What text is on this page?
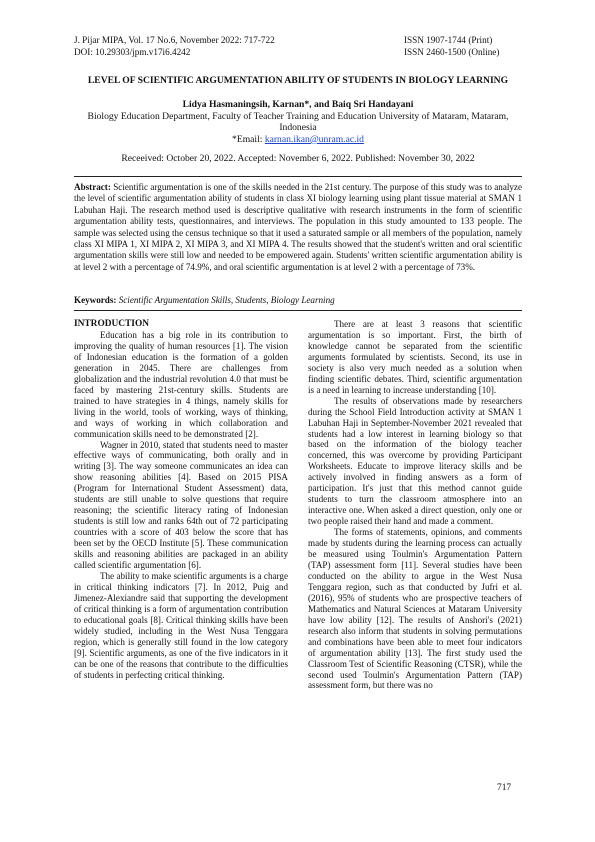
J. Pijar MIPA, Vol. 17 No.6, November 2022: 717-722	ISSN 1907-1744 (Print)
DOI: 10.29303/jpm.v17i6.4242	ISSN 2460-1500 (Online)
LEVEL OF SCIENTIFIC ARGUMENTATION ABILITY OF STUDENTS IN BIOLOGY LEARNING
Lidya Hasmaningsih, Karnan*, and Baiq Sri Handayani
Biology Education Department, Faculty of Teacher Training and Education University of Mataram, Mataram,
Indonesia
*Email: karnan.ikan@unram.ac.id
Receeived: October 20, 2022. Accepted: November 6, 2022. Published: November 30, 2022
Abstract: Scientific argumentation is one of the skills needed in the 21st century. The purpose of this study was to analyze the level of scientific argumentation ability of students in class XI biology learning using plant tissue material at SMAN 1 Labuhan Haji. The research method used is descriptive qualitative with research instruments in the form of scientific argumentation ability tests, questionnaires, and interviews. The population in this study amounted to 133 people. The sample was selected using the census technique so that it used a saturated sample or all members of the population, namely class XI MIPA 1, XI MIPA 2, XI MIPA 3, and XI MIPA 4. The results showed that the student's written and oral scientific argumentation skills were still low and needed to be empowered again. Students' written scientific argumentation ability is at level 2 with a percentage of 74.9%, and oral scientific argumentation is at level 2 with a percentage of 73%.
Keywords: Scientific Argumentation Skills, Students, Biology Learning
INTRODUCTION

Education has a big role in its contribution to improving the quality of human resources [1]. The vision of Indonesian education is the formation of a golden generation in 2045. There are challenges from globalization and the industrial revolution 4.0 that must be faced by mastering 21st-century skills. Students are trained to have strategies in 4 things, namely skills for living in the world, tools of working, ways of thinking, and ways of working in which collaboration and communication skills need to be demonstrated [2].

Wagner in 2010, stated that students need to master effective ways of communicating, both orally and in writing [3]. The way someone communicates an idea can show reasoning abilities [4]. Based on 2015 PISA (Program for International Student Assessment) data, students are still unable to solve questions that require reasoning; the scientific literacy rating of Indonesian students is still low and ranks 64th out of 72 participating countries with a score of 403 below the score that has been set by the OECD Institute [5]. These communication skills and reasoning abilities are packaged in an ability called scientific argumentation [6].

The ability to make scientific arguments is a charge in critical thinking indicators [7]. In 2012, Puig and Jimenez-Alexiandre said that supporting the development of critical thinking is a form of argumentation contribution to educational goals [8]. Critical thinking skills have been widely studied, including in the West Nusa Tenggara region, which is generally still found in the low category [9]. Scientific arguments, as one of the five indicators in it can be one of the reasons that contribute to the difficulties of students in perfecting critical thinking.

There are at least 3 reasons that scientific argumentation is so important. First, the birth of knowledge cannot be separated from the scientific arguments formulated by scientists. Second, its use in society is also very much needed as a solution when finding scientific debates. Third, scientific argumentation is a need in learning to increase understanding [10].

The results of observations made by researchers during the School Field Introduction activity at SMAN 1 Labuhan Haji in September-November 2021 revealed that students had a low interest in learning biology so that based on the information of the biology teacher concerned, this was overcome by providing Participant Worksheets. Educate to improve literacy skills and be actively involved in finding answers as a form of participation. It's just that this method cannot guide students to turn the classroom atmosphere into an interactive one. When asked a direct question, only one or two people raised their hand and made a comment.

The forms of statements, opinions, and comments made by students during the learning process can actually be measured using Toulmin's Argumentation Pattern (TAP) assessment form [11]. Several studies have been conducted on the ability to argue in the West Nusa Tenggara region, such as that conducted by Jufri et al. (2016), 95% of students who are prospective teachers of Mathematics and Natural Sciences at Mataram University have low ability [12]. The results of Anshori's (2021) research also inform that students in solving permutations and combinations have been able to meet four indicators of argumentation ability [13]. The first study used the Classroom Test of Scientific Reasoning (CTSR), while the second used Toulmin's Argumentation Pattern (TAP) assessment form, but there was no

717
